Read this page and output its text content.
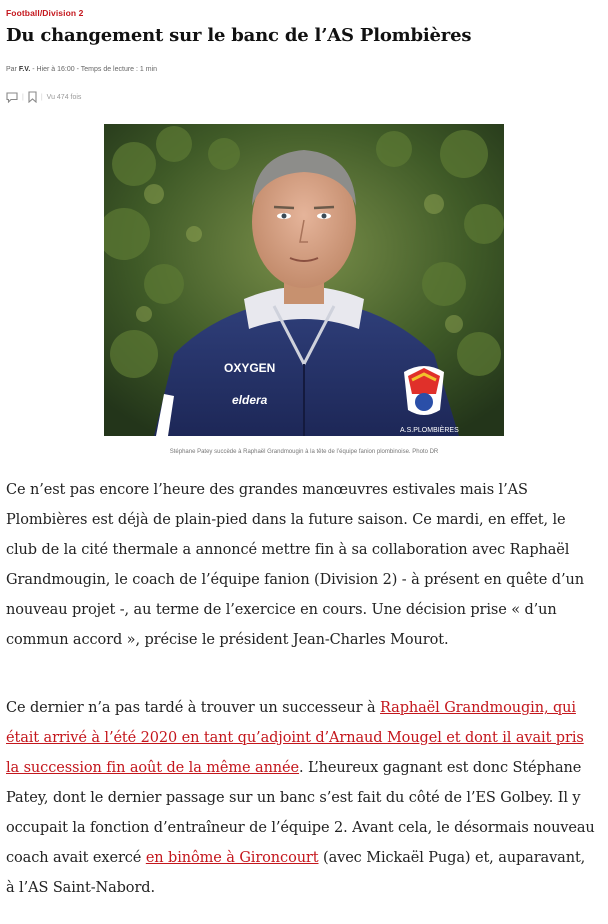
Football/Division 2
Du changement sur le banc de l’AS Plombières
Par F.V. - Hier à 16:00 - Temps de lecture : 1 min
| | Vu 474 fois
OXYGEN
eldera
A.S.PLOMBIÈRES
Stéphane Patey succède à Raphaël Grandmougin à la tête de l’équipe fanion plombinoise. Photo DR

Ce n’est pas encore l’heure des grandes manœuvres estivales mais l’AS Plombières est déjà de plain-pied dans la future saison. Ce mardi, en effet, le club de la cité thermale a annoncé mettre fin à sa collaboration avec Raphaël Grandmougin, le coach de l’équipe fanion (Division 2) - à présent en quête d’un nouveau projet -, au terme de l’exercice en cours. Une décision prise « d’un commun accord », précise le président Jean-Charles Mourot.

Ce dernier n’a pas tardé à trouver un successeur à Raphaël Grandmougin, qui était arrivé à l’été 2020 en tant qu’adjoint d’Arnaud Mougel et dont il avait pris la succession fin août de la même année. L’heureux gagnant est donc Stéphane Patey, dont le dernier passage sur un banc s’est fait du côté de l’ES Golbey. Il y occupait la fonction d’entraîneur de l’équipe 2. Avant cela, le désormais nouveau coach avait exercé en binôme à Gironcourt (avec Mickaël Puga) et, auparavant, à l’AS Saint-Nabord.
